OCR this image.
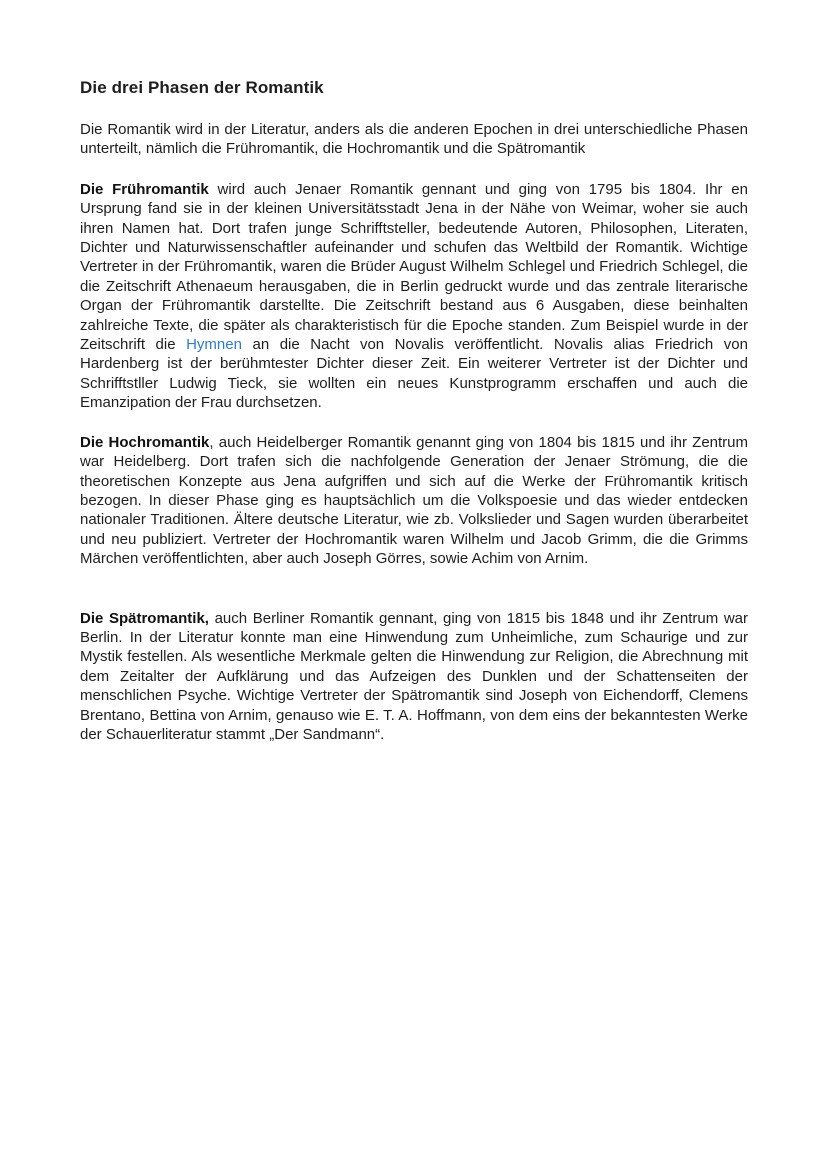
Die drei Phasen der Romantik

Die Romantik wird in der Literatur, anders als die anderen Epochen in drei unterschiedliche Phasen unterteilt, nämlich die Frühromantik, die Hochromantik und die Spätromantik

Die Frühromantik wird auch Jenaer Romantik gennant und ging von 1795 bis 1804. Ihr en Ursprung fand sie in der kleinen Universitätsstadt Jena in der Nähe von Weimar, woher sie auch ihren Namen hat. Dort trafen junge Schrifftsteller, bedeutende Autoren, Philosophen, Literaten, Dichter und Naturwissenschaftler aufeinander und schufen das Weltbild der Romantik. Wichtige Vertreter in der Frühromantik, waren die Brüder August Wilhelm Schlegel und Friedrich Schlegel, die die Zeitschrift Athenaeum herausgaben, die in Berlin gedruckt wurde und das zentrale literarische Organ der Frühromantik darstellte. Die Zeitschrift bestand aus 6 Ausgaben, diese beinhalten zahlreiche Texte, die später als charakteristisch für die Epoche standen. Zum Beispiel wurde in der Zeitschrift die Hymnen an die Nacht von Novalis veröffentlicht. Novalis alias Friedrich von Hardenberg ist der berühmtester Dichter dieser Zeit. Ein weiterer Vertreter ist der Dichter und Schrifftstller Ludwig Tieck, sie wollten ein neues Kunstprogramm erschaffen und auch die Emanzipation der Frau durchsetzen.

Die Hochromantik, auch Heidelberger Romantik genannt ging von 1804 bis 1815 und ihr Zentrum war Heidelberg. Dort trafen sich die nachfolgende Generation der Jenaer Strömung, die die theoretischen Konzepte aus Jena aufgriffen und sich auf die Werke der Frühromantik kritisch bezogen. In dieser Phase ging es hauptsächlich um die Volkspoesie und das wieder entdecken nationaler Traditionen. Ältere deutsche Literatur, wie zb. Volkslieder und Sagen wurden überarbeitet und neu publiziert. Vertreter der Hochromantik waren Wilhelm und Jacob Grimm, die die Grimms Märchen veröffentlichten, aber auch Joseph Görres, sowie Achim von Arnim.

Die Spätromantik, auch Berliner Romantik gennant, ging von 1815 bis 1848 und ihr Zentrum war Berlin. In der Literatur konnte man eine Hinwendung zum Unheimliche, zum Schaurige und zur Mystik festellen. Als wesentliche Merkmale gelten die Hinwendung zur Religion, die Abrechnung mit dem Zeitalter der Aufklärung und das Aufzeigen des Dunklen und der Schattenseiten der menschlichen Psyche. Wichtige Vertreter der Spätromantik sind Joseph von Eichendorff, Clemens Brentano, Bettina von Arnim, genauso wie E. T. A. Hoffmann, von dem eins der bekanntesten Werke der Schauerliteratur stammt „Der Sandmann“.
